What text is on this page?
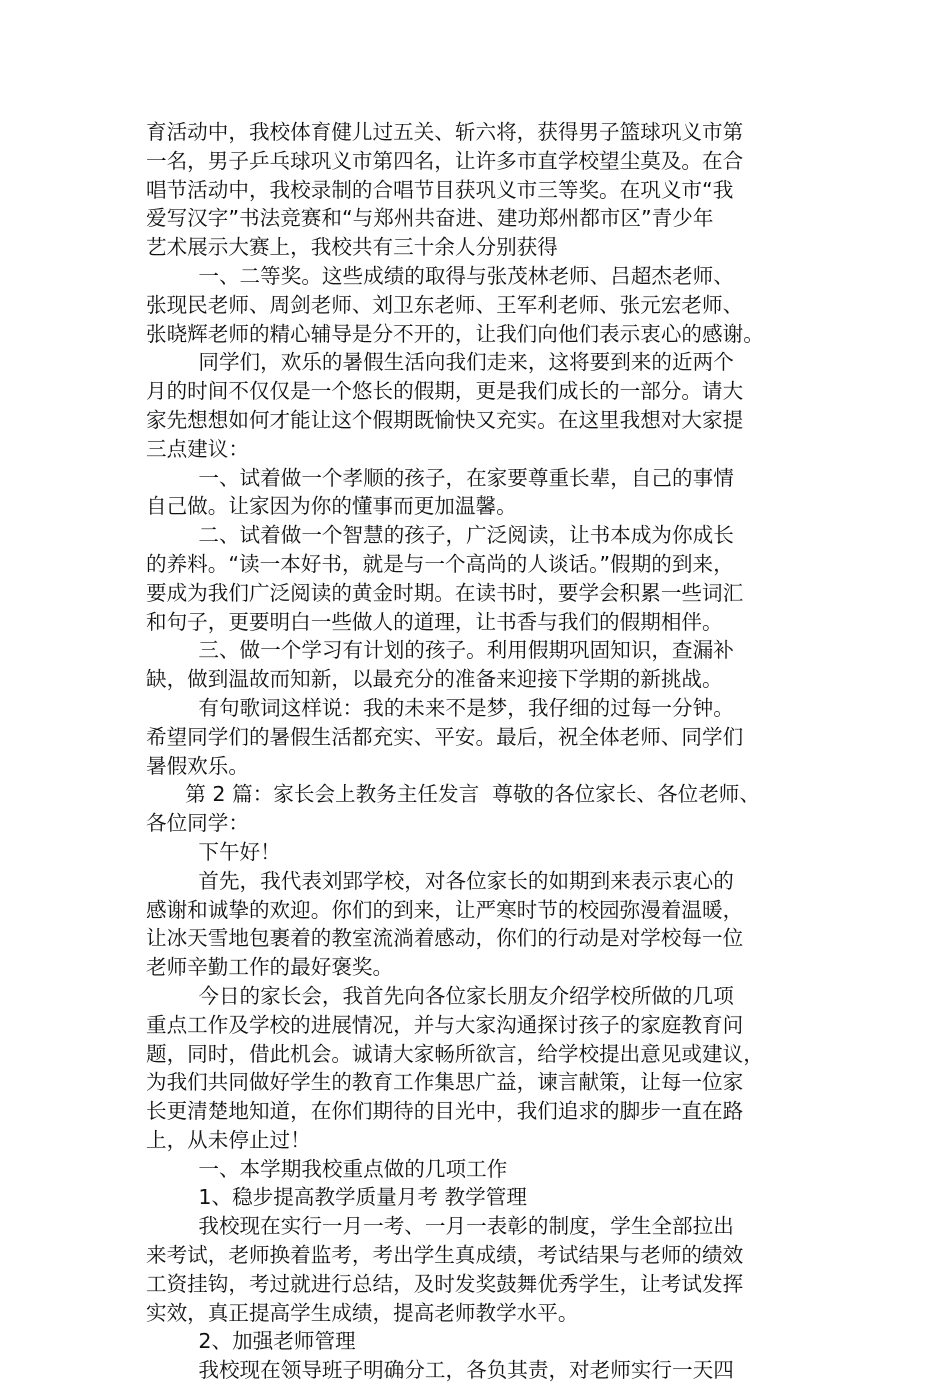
育活动中，我校体育健儿过五关、斩六将，获得男子篮球巩义市第
一名，男子乒乓球巩义市第四名，让许多市直学校望尘莫及。在合
唱节活动中，我校录制的合唱节目获巩义市三等奖。在巩义市“我
爱写汉字”书法竞赛和“与郑州共奋进、建功郑州都市区”青少年
艺术展示大赛上，我校共有三十余人分别获得
一、二等奖。这些成绩的取得与张茂林老师、吕超杰老师、
张现民老师、周剑老师、刘卫东老师、王军利老师、张元宏老师、
张晓辉老师的精心辅导是分不开的，让我们向他们表示衷心的感谢。
同学们，欢乐的暑假生活向我们走来，这将要到来的近两个
月的时间不仅仅是一个悠长的假期，更是我们成长的一部分。请大
家先想想如何才能让这个假期既愉快又充实。在这里我想对大家提
三点建议：
一、试着做一个孝顺的孩子，在家要尊重长辈，自己的事情
自己做。让家因为你的懂事而更加温馨。
二、试着做一个智慧的孩子，广泛阅读，让书本成为你成长
的养料。“读一本好书，就是与一个高尚的人谈话。”假期的到来，
要成为我们广泛阅读的黄金时期。在读书时，要学会积累一些词汇
和句子，更要明白一些做人的道理，让书香与我们的假期相伴。
三、做一个学习有计划的孩子。利用假期巩固知识，查漏补
缺，做到温故而知新，以最充分的准备来迎接下学期的新挑战。
有句歌词这样说：我的未来不是梦，我仔细的过每一分钟。
希望同学们的暑假生活都充实、平安。最后，祝全体老师、同学们
暑假欢乐。
第 2 篇：家长会上教务主任发言  尊敬的各位家长、各位老师、
各位同学：
下午好！
首先，我代表刘郢学校，对各位家长的如期到来表示衷心的
感谢和诚挚的欢迎。你们的到来，让严寒时节的校园弥漫着温暖，
让冰天雪地包裹着的教室流淌着感动，你们的行动是对学校每一位
老师辛勤工作的最好褒奖。
今日的家长会，我首先向各位家长朋友介绍学校所做的几项
重点工作及学校的进展情况，并与大家沟通探讨孩子的家庭教育问
题，同时，借此机会。诚请大家畅所欲言，给学校提出意见或建议，
为我们共同做好学生的教育工作集思广益，谏言献策，让每一位家
长更清楚地知道，在你们期待的目光中，我们追求的脚步一直在路
上，从未停止过！
一、本学期我校重点做的几项工作
1、稳步提高教学质量月考 教学管理
我校现在实行一月一考、一月一表彰的制度，学生全部拉出
来考试，老师换着监考，考出学生真成绩，考试结果与老师的绩效
工资挂钩，考过就进行总结，及时发奖鼓舞优秀学生，让考试发挥
实效，真正提高学生成绩，提高老师教学水平。
2、加强老师管理
我校现在领导班子明确分工，各负其责，对老师实行一天四
